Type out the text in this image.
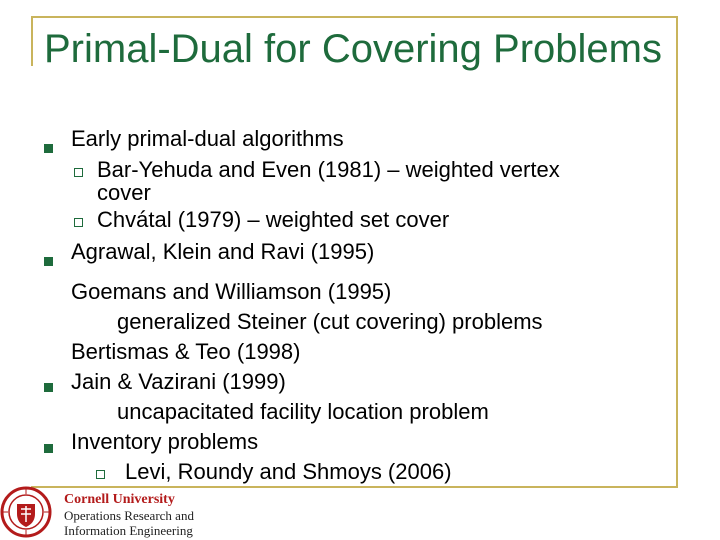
Primal-Dual for Covering Problems
Early primal-dual algorithms
Bar-Yehuda and Even (1981) – weighted vertex
cover
Chvátal (1979) – weighted set cover
Agrawal, Klein and Ravi (1995)
Goemans and Williamson (1995)
generalized Steiner (cut covering) problems
Bertismas & Teo (1998)
Jain & Vazirani (1999)
uncapacitated facility location problem
Inventory problems
Levi, Roundy and Shmoys (2006)
Cornell University
Operations Research and
Information Engineering
